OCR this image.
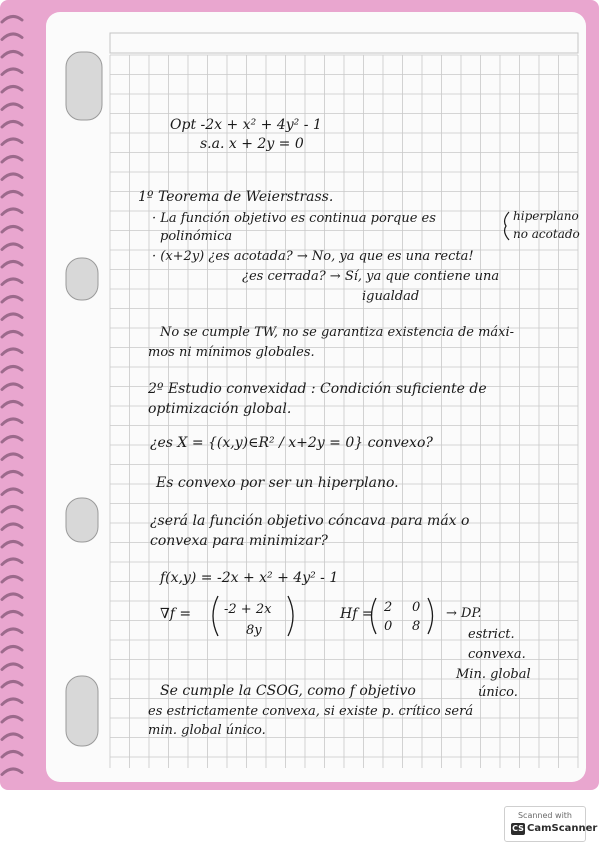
Opt -2x + x² + 4y² - 1
s.a. x + 2y = 0
1º Teorema de Weierstrass.
· La función objetivo es continua porque es
polinómica
hiperplano
no acotado
· (x+2y) ¿es acotada? → No, ya que es una recta!
¿es cerrada? → Sí, ya que contiene una
igualdad
No se cumple TW, no se garantiza existencia de máxi-
mos ni mínimos globales.
2º Estudio convexidad : Condición suficiente de
optimización global.
¿es X = {(x,y)∈R² / x+2y = 0} convexo?
Es convexo por ser un hiperplano.
¿será la función objetivo cóncava para máx o
convexa para minimizar?
f(x,y) = -2x + x² + 4y² - 1
∇f =	-2 + 2x
8y
Hf = 2 0
0 8
→ DP.
estrict.
convexa.
Min. global
único.
Se cumple la CSOG, como f objetivo
es estrictamente convexa, si existe p. crítico será
min. global único.
Scanned with
CS CamScanner
